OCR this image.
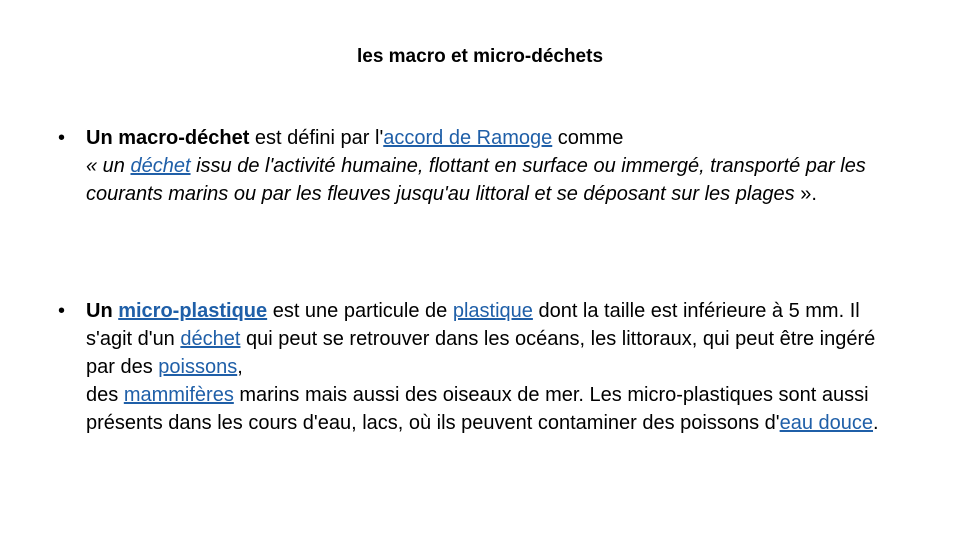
les macro et micro-déchets
• Un macro-déchet est défini par l'accord de Ramoge comme
« un déchet issu de l'activité humaine, flottant en surface ou immergé, transporté par les courants marins ou par les fleuves jusqu'au littoral et se déposant sur les plages ».
• Un micro-plastique est une particule de plastique dont la taille est inférieure à 5 mm. Il s'agit d'un déchet qui peut se retrouver dans les océans, les littoraux, qui peut être ingéré par des poissons,
des mammifères marins mais aussi des oiseaux de mer. Les micro-plastiques sont aussi présents dans les cours d'eau, lacs, où ils peuvent contaminer des poissons d'eau douce.
